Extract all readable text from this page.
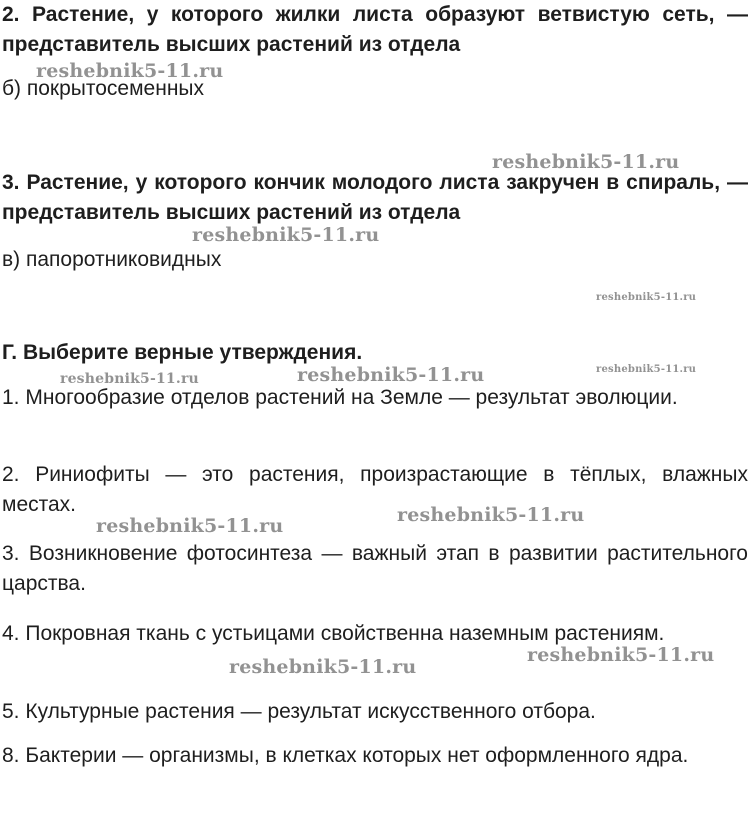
2. Растение, у которого жилки листа образуют ветвистую сеть, — представитель высших растений из отдела

б) покрытосеменных

3. Растение, у которого кончик молодого листа закручен в спираль, — представитель высших растений из отдела

в) папоротниковидных

Г. Выберите верные утверждения.

1. Многообразие отделов растений на Земле — результат эволюции.

2. Риниофиты — это растения, произрастающие в тёплых, влажных местах.

3. Возникновение фотосинтеза — важный этап в развитии растительного царства.

4. Покровная ткань с устьицами свойственна наземным растениям.

5. Культурные растения — результат искусственного отбора.

8. Бактерии — организмы, в клетках которых нет оформленного ядра.

reshebnik5-11.ru
reshebnik5-11.ru
reshebnik5-11.ru
reshebnik5-11.ru
reshebnik5-11.ru
reshebnik5-11.ru	reshebnik5-11.ru
reshebnik5-11.ru
reshebnik5-11.ru
reshebnik5-11.ru
reshebnik5-11.ru
